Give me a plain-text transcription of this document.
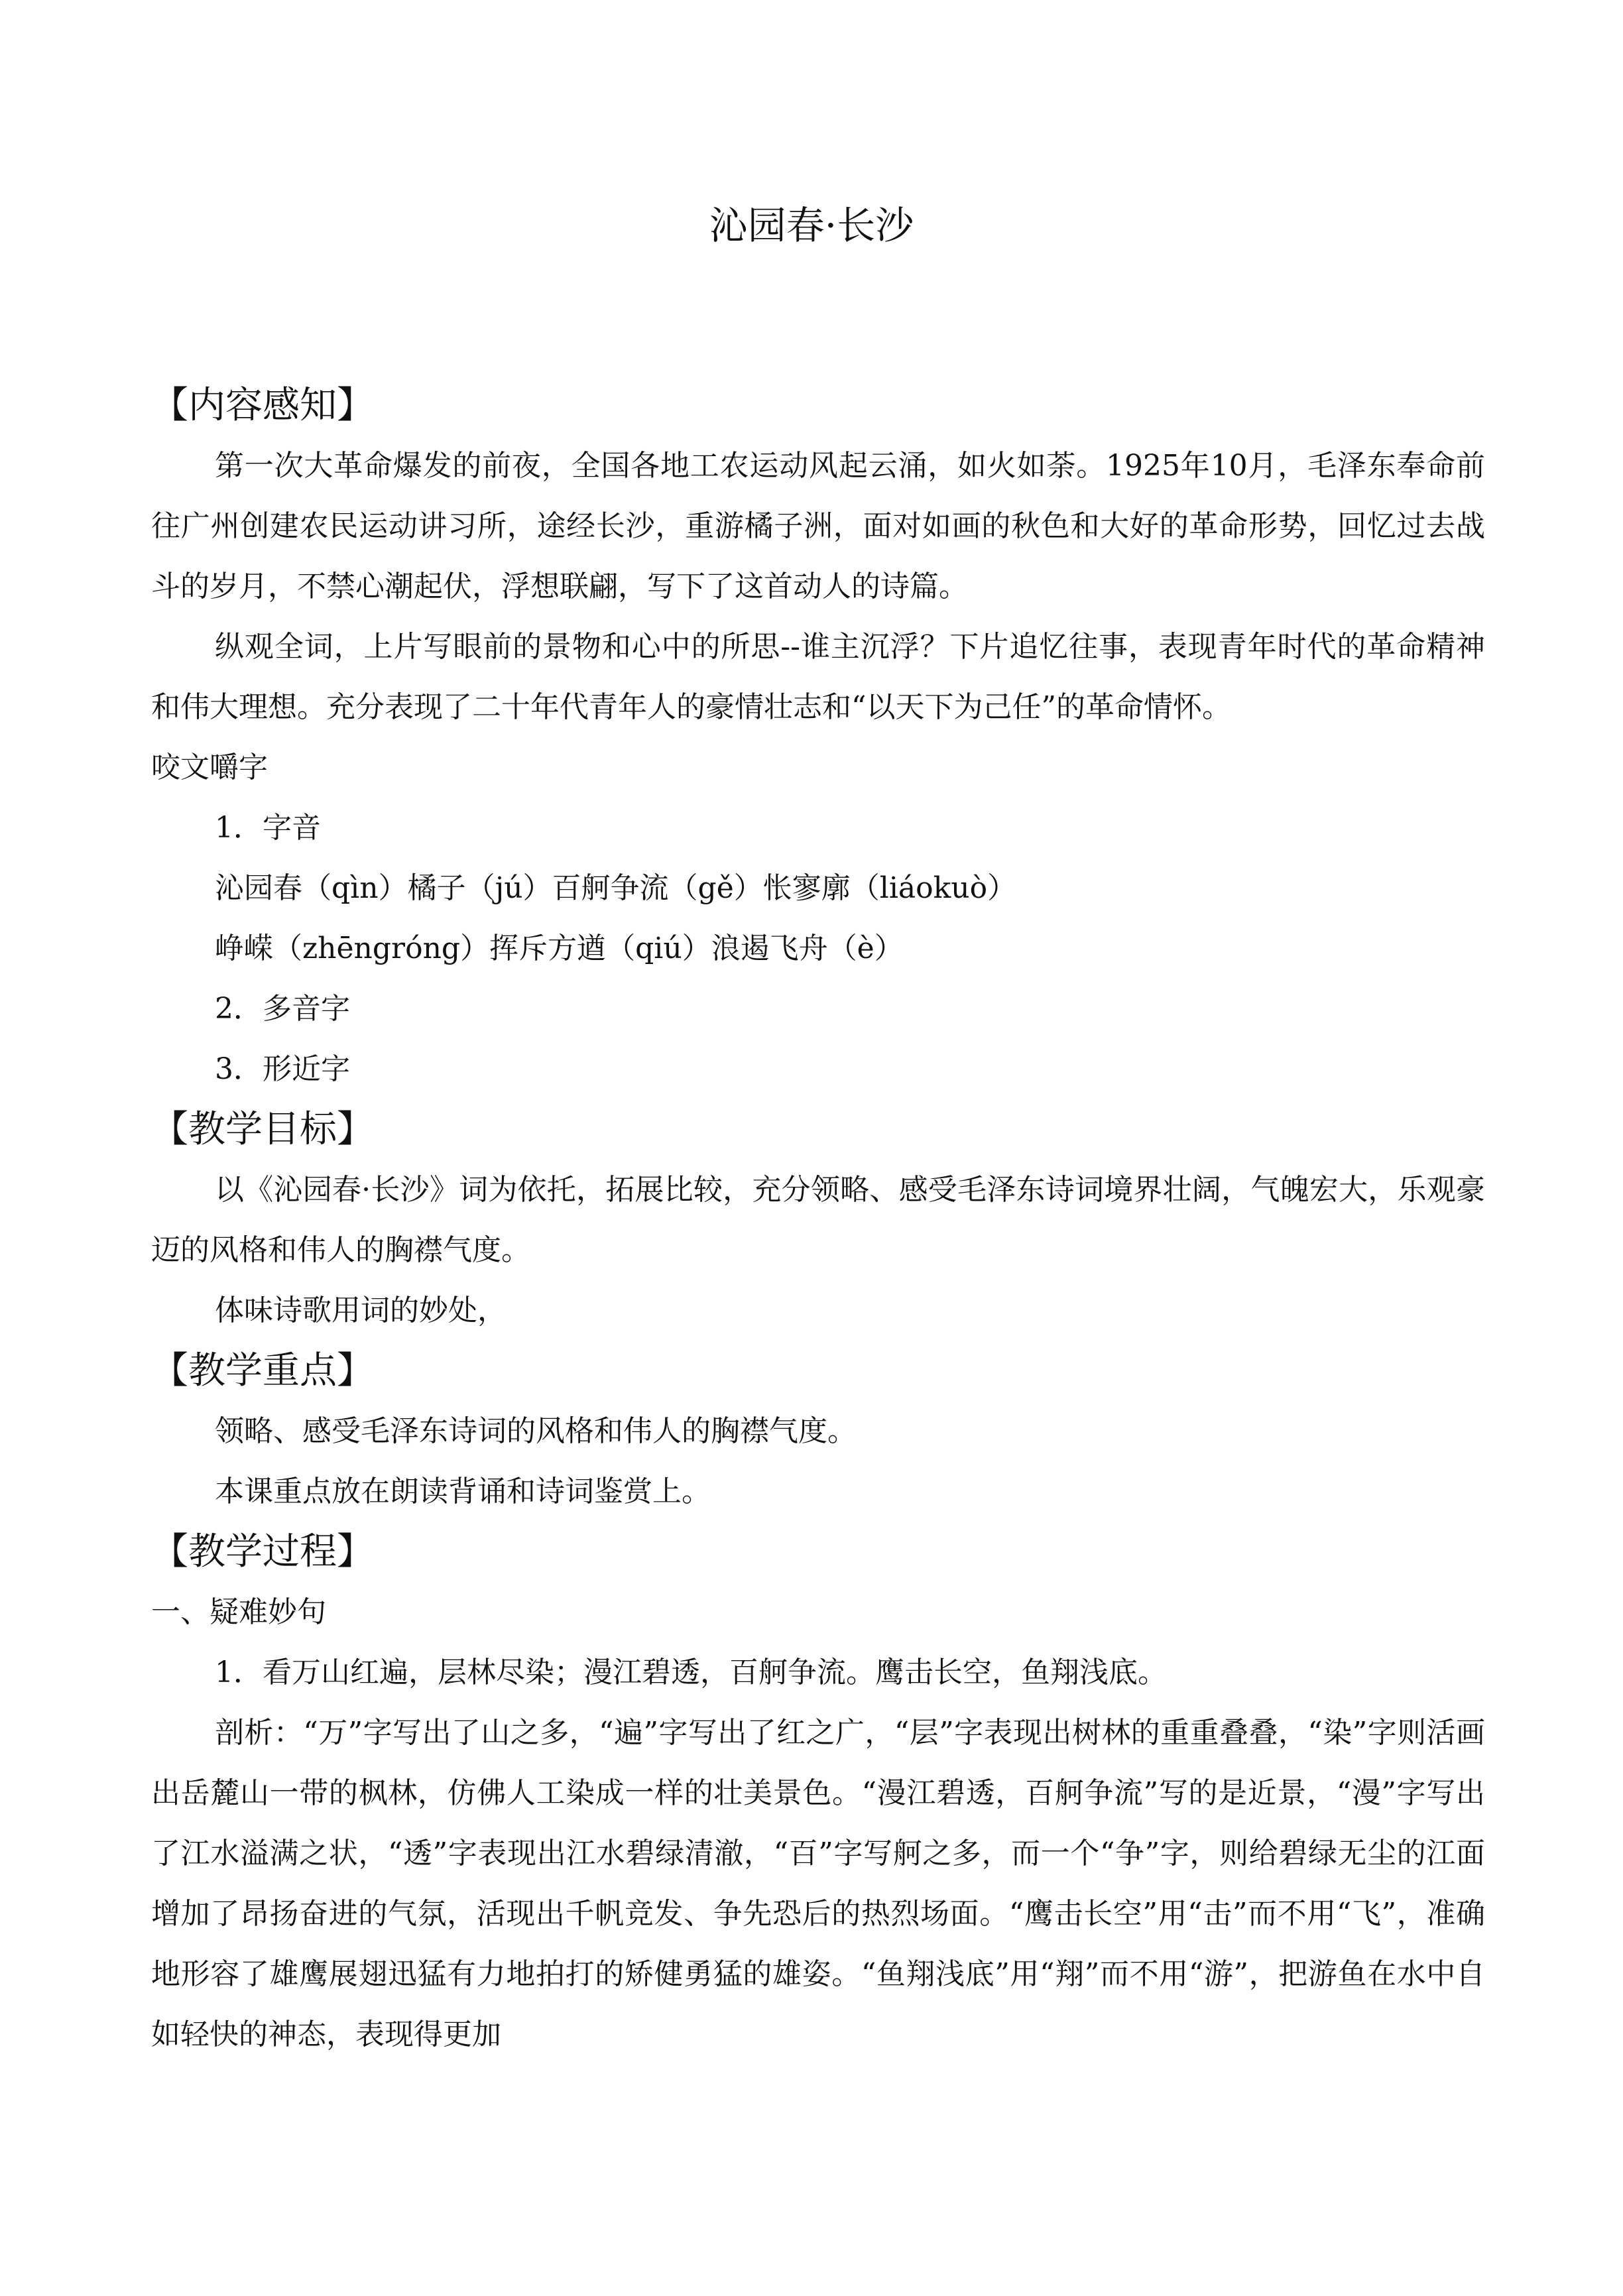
沁园春·长沙
【内容感知】

第一次大革命爆发的前夜，全国各地工农运动风起云涌，如火如荼。1925年10月，毛泽东奉命前往广州创建农民运动讲习所，途经长沙，重游橘子洲，面对如画的秋色和大好的革命形势，回忆过去战斗的岁月，不禁心潮起伏，浮想联翩，写下了这首动人的诗篇。

纵观全词，上片写眼前的景物和心中的所思--谁主沉浮？下片追忆往事，表现青年时代的革命精神和伟大理想。充分表现了二十年代青年人的豪情壮志和“以天下为己任”的革命情怀。

咬文嚼字

1．字音

沁园春（qìn）橘子（jú）百舸争流（gě）怅寥廓（liáokuò）

峥嵘（zhēngróng）挥斥方遒（qiú）浪遏飞舟（è）

2．多音字

3．形近字

【教学目标】

以《沁园春·长沙》词为依托，拓展比较，充分领略、感受毛泽东诗词境界壮阔，气魄宏大，乐观豪迈的风格和伟人的胸襟气度。

体味诗歌用词的妙处，

【教学重点】

领略、感受毛泽东诗词的风格和伟人的胸襟气度。

本课重点放在朗读背诵和诗词鉴赏上。

【教学过程】

一、疑难妙句

1．看万山红遍，层林尽染；漫江碧透，百舸争流。鹰击长空，鱼翔浅底。

剖析：“万”字写出了山之多，“遍”字写出了红之广，“层”字表现出树林的重重叠叠，“染”字则活画出岳麓山一带的枫林，仿佛人工染成一样的壮美景色。“漫江碧透，百舸争流”写的是近景，“漫”字写出了江水溢满之状，“透”字表现出江水碧绿清澈，“百”字写舸之多，而一个“争”字，则给碧绿无尘的江面增加了昂扬奋进的气氛，活现出千帆竞发、争先恐后的热烈场面。“鹰击长空”用“击”而不用“飞”，准确地形容了雄鹰展翅迅猛有力地拍打的矫健勇猛的雄姿。“鱼翔浅底”用“翔”而不用“游”，把游鱼在水中自如轻快的神态，表现得更加
